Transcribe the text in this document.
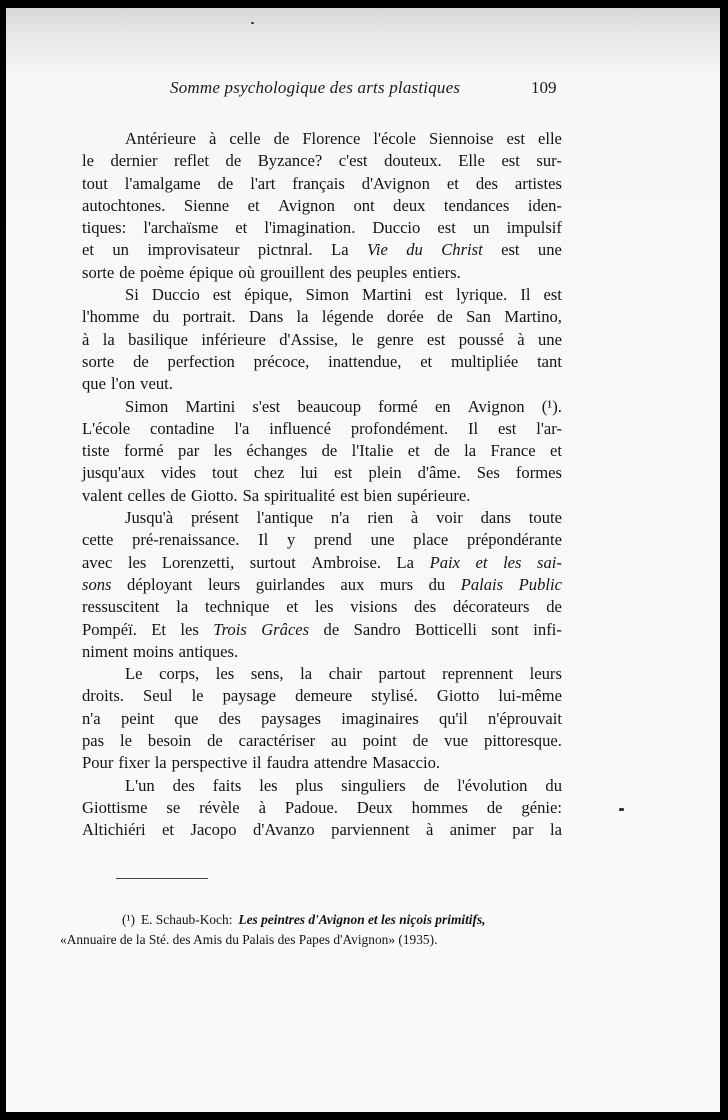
Somme psychologique des arts plastiques	109
Antérieure à celle de Florence l'école Siennoise est elle
le dernier reflet de Byzance? c'est douteux. Elle est sur-
tout l'amalgame de l'art français d'Avignon et des artistes
autochtones. Sienne et Avignon ont deux tendances iden-
tiques: l'archaïsme et l'imagination. Duccio est un impulsif
et un improvisateur pictnral. La Vie du Christ est une
sorte de poème épique où grouillent des peuples entiers.
Si Duccio est épique, Simon Martini est lyrique. Il est
l'homme du portrait. Dans la légende dorée de San Martino,
à la basilique inférieure d'Assise, le genre est poussé à une
sorte de perfection précoce, inattendue, et multipliée tant
que l'on veut.
Simon Martini s'est beaucoup formé en Avignon (¹).
L'école contadine l'a influencé profondément. Il est l'ar-
tiste formé par les échanges de l'Italie et de la France et
jusqu'aux vides tout chez lui est plein d'âme. Ses formes
valent celles de Giotto. Sa spiritualité est bien supérieure.
Jusqu'à présent l'antique n'a rien à voir dans toute
cette pré-renaissance. Il y prend une place prépondérante
avec les Lorenzetti, surtout Ambroise. La Paix et les sai-
sons déployant leurs guirlandes aux murs du Palais Public
ressuscitent la technique et les visions des décorateurs de
Pompéï. Et les Trois Grâces de Sandro Botticelli sont infi-
niment moins antiques.
Le corps, les sens, la chair partout reprennent leurs
droits. Seul le paysage demeure stylisé. Giotto lui-même
n'a peint que des paysages imaginaires qu'il n'éprouvait
pas le besoin de caractériser au point de vue pittoresque.
Pour fixer la perspective il faudra attendre Masaccio.
L'un des faits les plus singuliers de l'évolution du
Giottisme se révèle à Padoue. Deux hommes de génie:
Altichiéri et Jacopo d'Avanzo parviennent à animer par la
(¹) E. Schaub-Koch: Les peintres d'Avignon et les niçois primitifs,
«Annuaire de la Sté. des Amis du Palais des Papes d'Avignon» (1935).
